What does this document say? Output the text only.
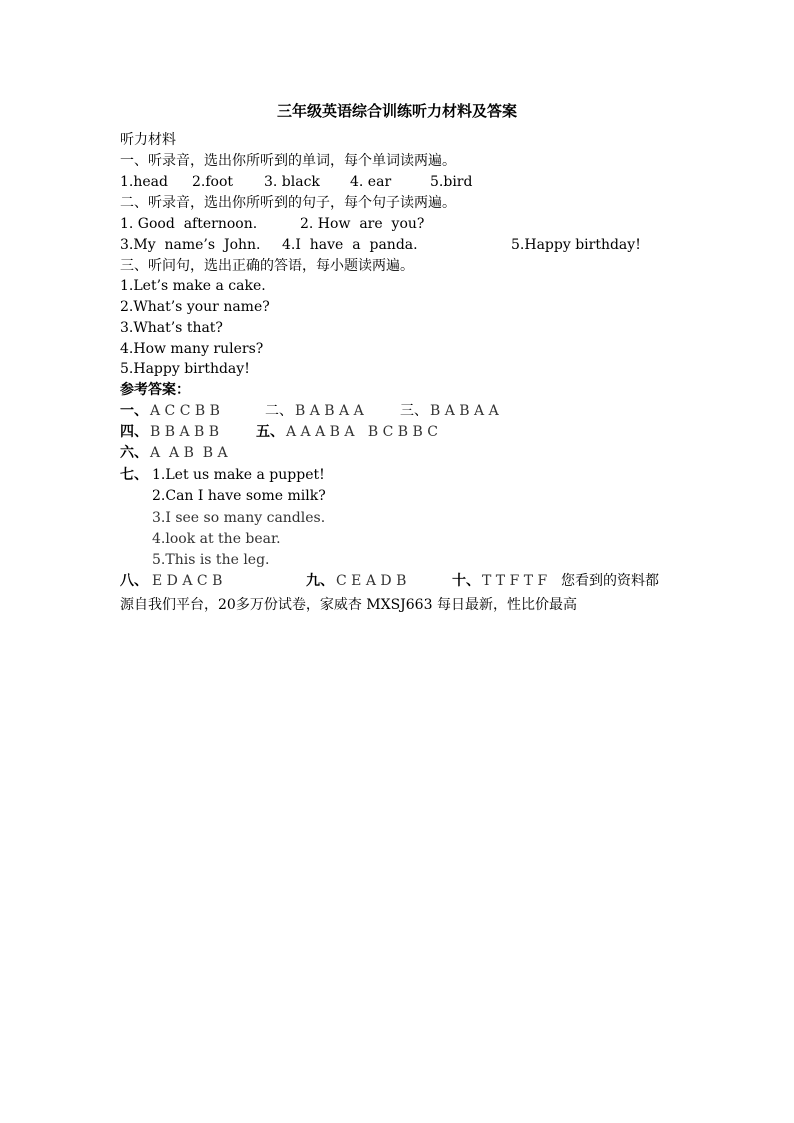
三年级英语综合训练听力材料及答案
听力材料
一、听录音，选出你所听到的单词，每个单词读两遍。
1.head 2.foot 3. black 4. ear	5.bird
二、听录音，选出你所听到的句子，每个句子读两遍。
1. Good  afternoon.	2. How  are  you?
3.My  name’s  John. 4.I  have  a  panda.	5.Happy birthday!
三、听问句，选出正确的答语，每小题读两遍。
1.Let’s make a cake.
2.What’s your name?
3.What’s that?
4.How many rulers?
5.Happy birthday!
参考答案：
一、 A C C B B	二、 B A B A A	三、 B A B A A
四、 B B A B B	五、 A A A B A   B C B B C
六、 A  A B  B A
七、 1.Let us make a puppet!
2.Can I have some milk?
3.I see so many candles.
4.look at the bear.
5.This is the leg.
八、 E D A C B	九、 C E A D B	十、 T T F T F 您看到的资料都
源自我们平台，20多万份试卷，家威杏 MXSJ663 每日最新，性比价最高
